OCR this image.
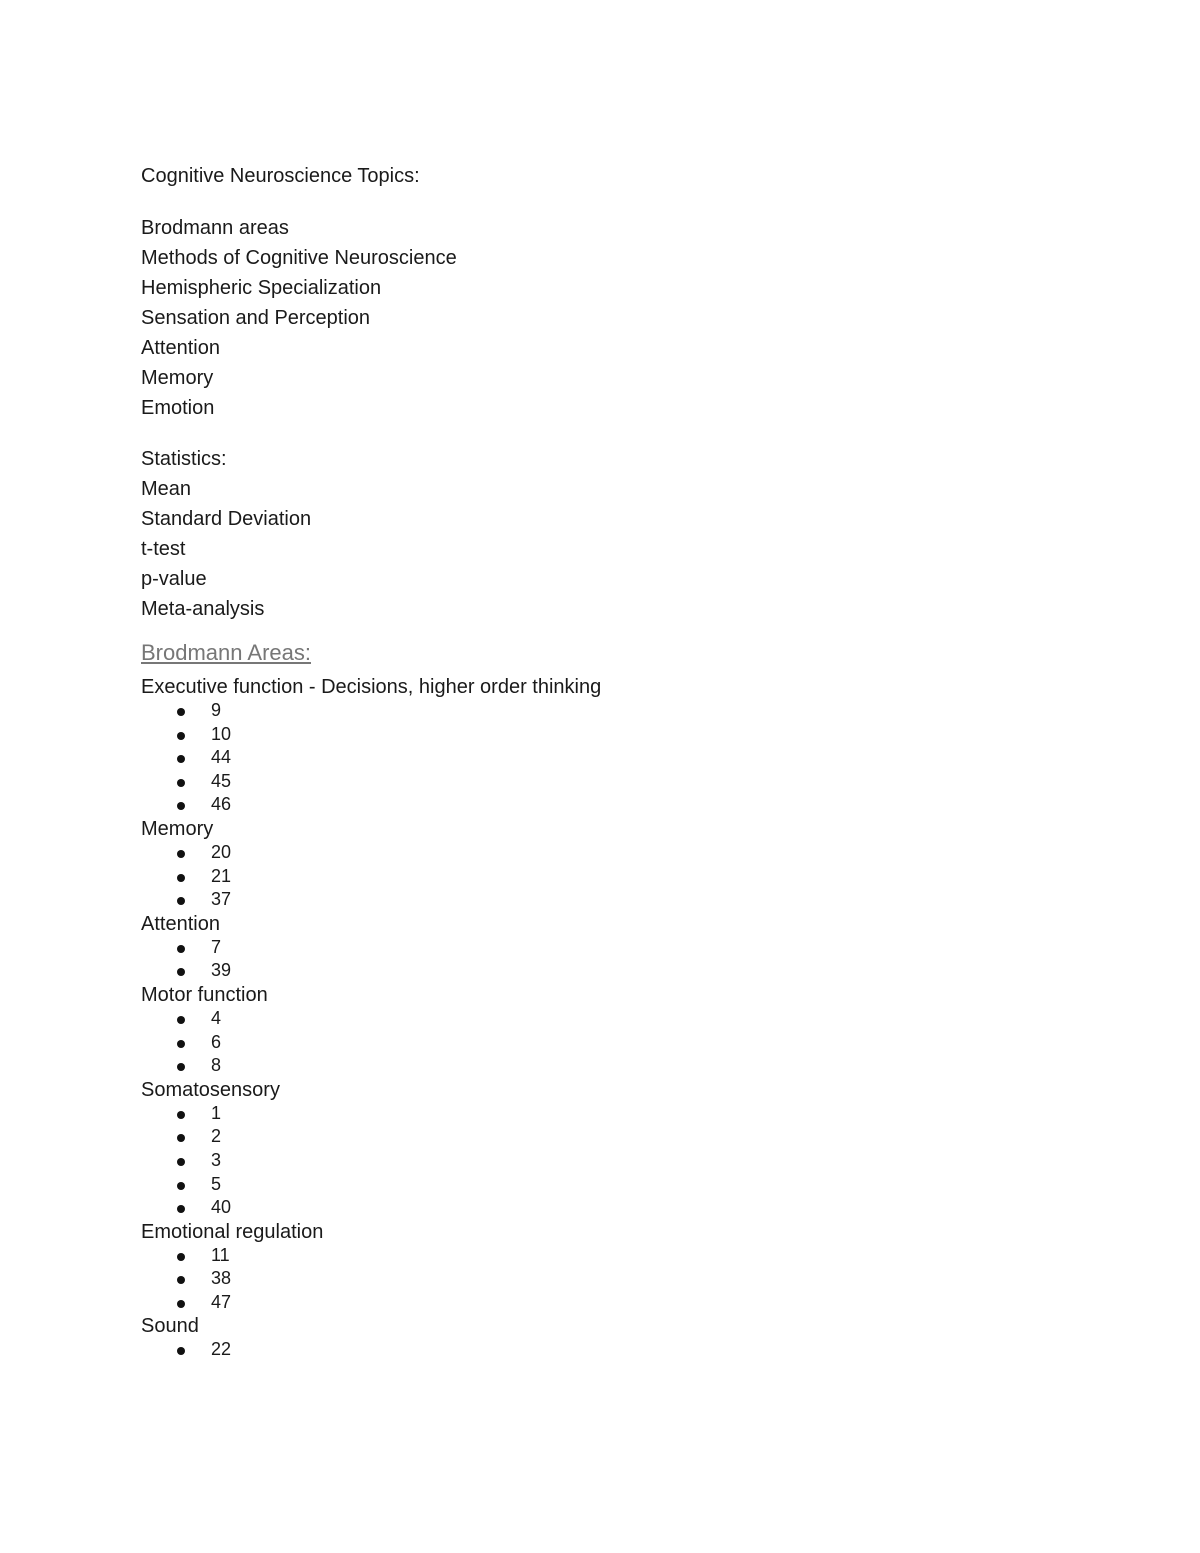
Cognitive Neuroscience Topics:
Brodmann areas
Methods of Cognitive Neuroscience
Hemispheric Specialization
Sensation and Perception
Attention
Memory
Emotion
Statistics:
Mean
Standard Deviation
t-test
p-value
Meta-analysis
Brodmann Areas:
Executive function - Decisions, higher order thinking
9
10
44
45
46
Memory
20
21
37
Attention
7
39
Motor function
4
6
8
Somatosensory
1
2
3
5
40
Emotional regulation
11
38
47
Sound
22
